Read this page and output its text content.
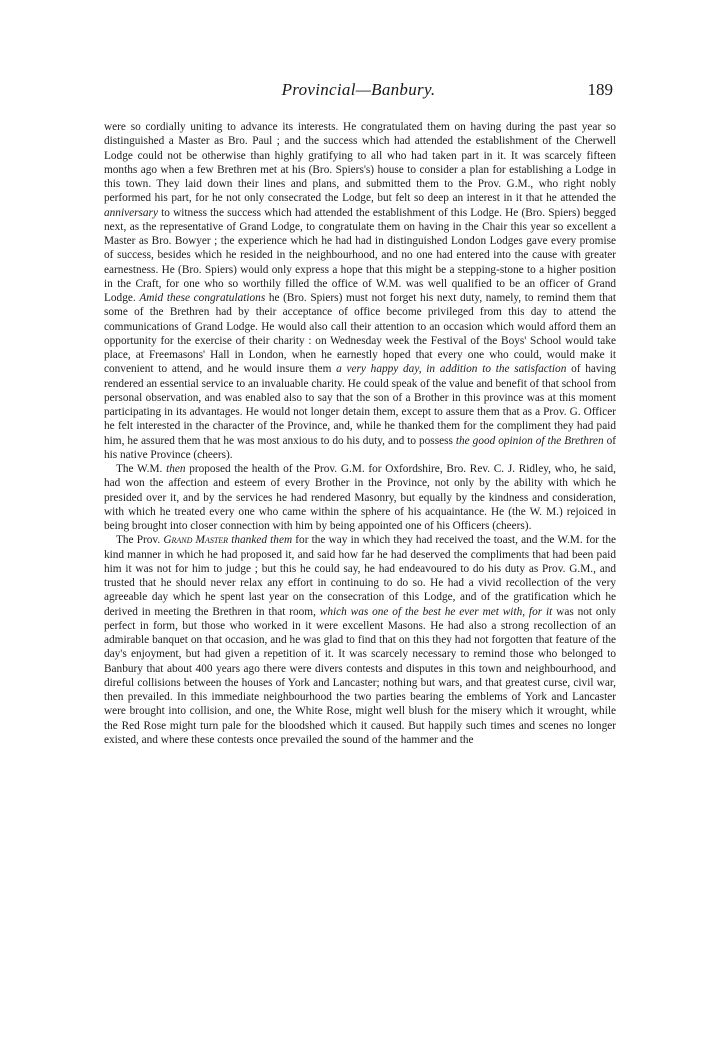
Provincial—Banbury.	189

were so cordially uniting to advance its interests. He congratulated them on having during the past year so distinguished a Master as Bro. Paul ; and the success which had attended the establishment of the Cherwell Lodge could not be otherwise than highly gratifying to all who had taken part in it. It was scarcely fifteen months ago when a few Brethren met at his (Bro. Spiers's) house to consider a plan for establishing a Lodge in this town. They laid down their lines and plans, and submitted them to the Prov. G.M., who right nobly performed his part, for he not only consecrated the Lodge, but felt so deep an interest in it that he attended the anniversary to witness the success which had attended the establishment of this Lodge. He (Bro. Spiers) begged next, as the representative of Grand Lodge, to congratulate them on having in the Chair this year so excellent a Master as Bro. Bowyer ; the experience which he had had in distinguished London Lodges gave every promise of success, besides which he resided in the neighbourhood, and no one had entered into the cause with greater earnestness. He (Bro. Spiers) would only express a hope that this might be a stepping-stone to a higher position in the Craft, for one who so worthily filled the office of W.M. was well qualified to be an officer of Grand Lodge. Amid these congratulations he (Bro. Spiers) must not forget his next duty, namely, to remind them that some of the Brethren had by their acceptance of office become privileged from this day to attend the communications of Grand Lodge. He would also call their attention to an occasion which would afford them an opportunity for the exercise of their charity : on Wednesday week the Festival of the Boys' School would take place, at Freemasons' Hall in London, when he earnestly hoped that every one who could, would make it convenient to attend, and he would insure them a very happy day, in addition to the satisfaction of having rendered an essential service to an invaluable charity. He could speak of the value and benefit of that school from personal observation, and was enabled also to say that the son of a Brother in this province was at this moment participating in its advantages. He would not longer detain them, except to assure them that as a Prov. G. Officer he felt interested in the character of the Province, and, while he thanked them for the compliment they had paid him, he assured them that he was most anxious to do his duty, and to possess the good opinion of the Brethren of his native Province (cheers).

The W.M. then proposed the health of the Prov. G.M. for Oxfordshire, Bro. Rev. C. J. Ridley, who, he said, had won the affection and esteem of every Brother in the Province, not only by the ability with which he presided over it, and by the services he had rendered Masonry, but equally by the kindness and consideration, with which he treated every one who came within the sphere of his acquaintance. He (the W. M.) rejoiced in being brought into closer connection with him by being appointed one of his Officers (cheers).

The Prov. Grand Master thanked them for the way in which they had received the toast, and the W.M. for the kind manner in which he had proposed it, and said how far he had deserved the compliments that had been paid him it was not for him to judge ; but this he could say, he had endeavoured to do his duty as Prov. G.M., and trusted that he should never relax any effort in continuing to do so. He had a vivid recollection of the very agreeable day which he spent last year on the consecration of this Lodge, and of the gratification which he derived in meeting the Brethren in that room, which was one of the best he ever met with, for it was not only perfect in form, but those who worked in it were excellent Masons. He had also a strong recollection of an admirable banquet on that occasion, and he was glad to find that on this they had not forgotten that feature of the day's enjoyment, but had given a repetition of it. It was scarcely necessary to remind those who belonged to Banbury that about 400 years ago there were divers contests and disputes in this town and neighbourhood, and direful collisions between the houses of York and Lancaster; nothing but wars, and that greatest curse, civil war, then prevailed. In this immediate neighbourhood the two parties bearing the emblems of York and Lancaster were brought into collision, and one, the White Rose, might well blush for the misery which it wrought, while the Red Rose might turn pale for the bloodshed which it caused. But happily such times and scenes no longer existed, and where these contests once prevailed the sound of the hammer and the
